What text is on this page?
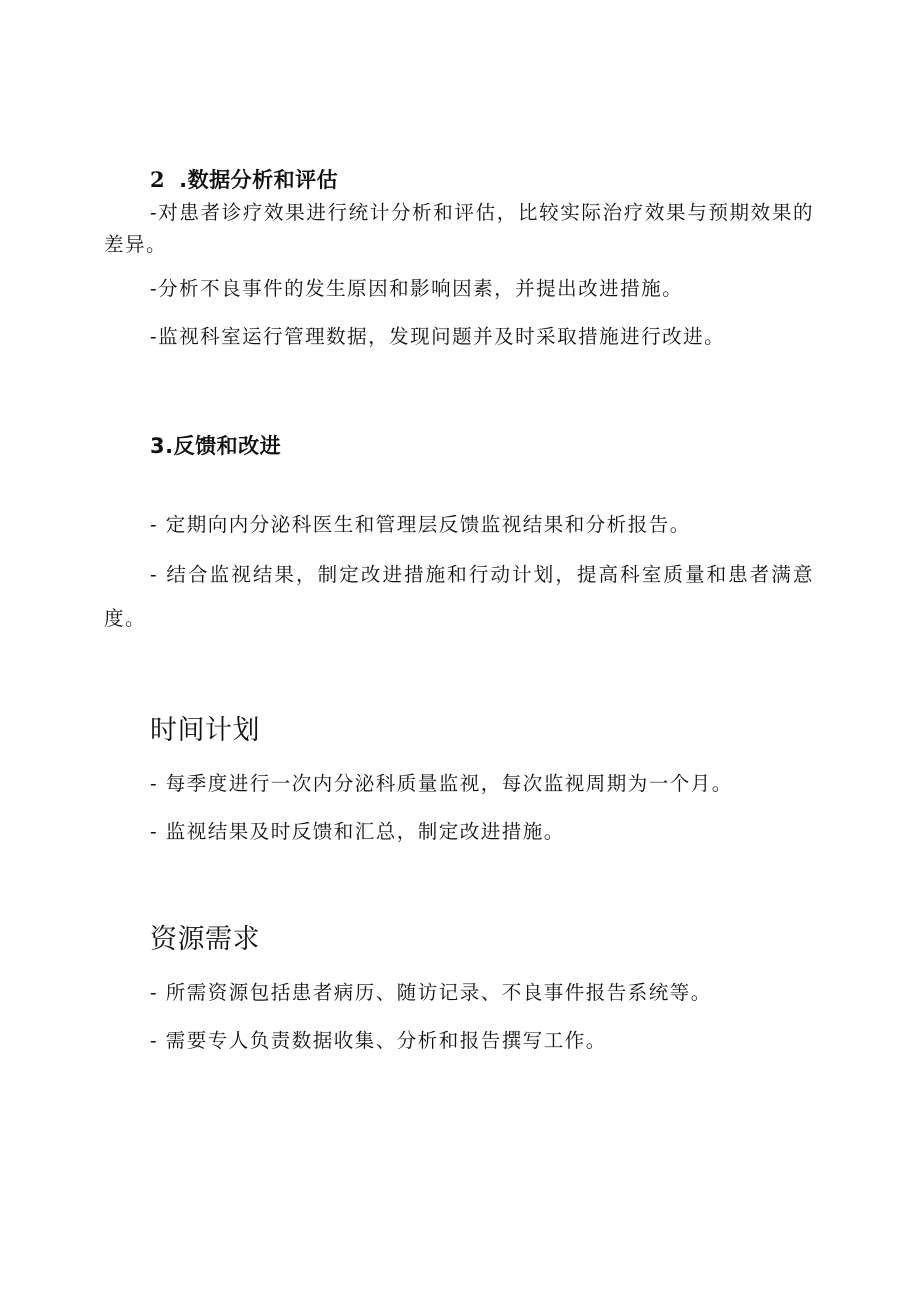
2 .数据分析和评估

-对患者诊疗效果进行统计分析和评估，比较实际治疗效果与预期效果的差异。

-分析不良事件的发生原因和影响因素，并提出改进措施。

-监视科室运行管理数据，发现问题并及时采取措施进行改进。

3.反馈和改进

- 定期向内分泌科医生和管理层反馈监视结果和分析报告。

- 结合监视结果，制定改进措施和行动计划，提高科室质量和患者满意度。

时间计划

- 每季度进行一次内分泌科质量监视，每次监视周期为一个月。

- 监视结果及时反馈和汇总，制定改进措施。

资源需求

- 所需资源包括患者病历、随访记录、不良事件报告系统等。

- 需要专人负责数据收集、分析和报告撰写工作。
